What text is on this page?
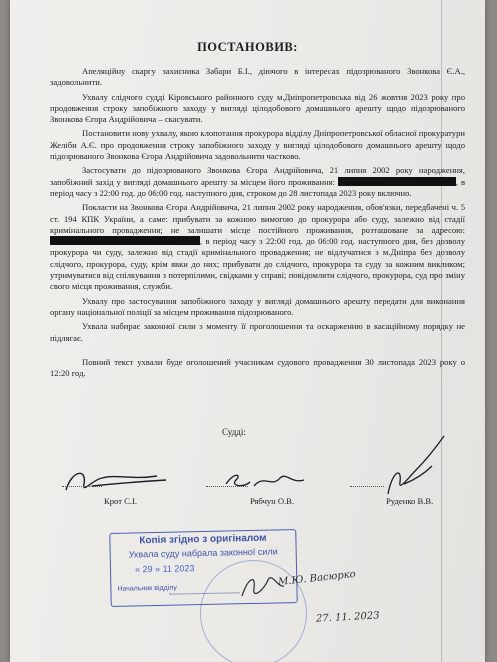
ПОСТАНОВИВ:

Апеляційну скаргу захисника Забари Б.І., діючого в інтересах підозрюваного Звонкова Є.А., задовольнити.

Ухвалу слідчого судді Кіровського районного суду м.Дніпропетровська від 26 жовтня 2023 року про продовження строку запобіжного заходу у вигляді цілодобового домашнього арешту щодо підозрюваного Звонкова Єгора Андрійовича – скасувати.

Постановити нову ухвалу, якою клопотання прокурора відділу Дніпропетровської обласної прокуратури Желіби А.Є. про продовження строку запобіжного заходу у вигляді цілодобового домашнього арешту щодо підозрюваного Звонкова Єгора Андрійовича задовольнити частково.

Застосувати до підозрюваного Звонкова Єгора Андрійовича, 21 липня 2002 року народження, запобіжний захід у вигляді домашнього арешту за місцем його проживання:	, в період часу з 22:00 год. до 06:00 год. наступного дня, строком до 28 листопада 2023 року включно.

Покласти на Звонкова Єгора Андрійовича, 21 липня 2002 року народження, обов'язки, передбачені ч. 5 ст. 194 КПК України, а саме: прибувати за кожною вимогою до прокурора або суду, залежно від стадії кримінального провадження; не залишати місце постійного проживання, розташоване за адресою: , в період часу з 22:00 год. до 06:00 год. наступного дня, без дозволу прокурора чи суду, залежно від стадії кримінального провадження; не відлучатися з м.Дніпра без дозволу слідчого, прокурора, суду, крім явки до них; прибувати до слідчого, прокурора та суду за кожним викликом; утримуватися від спілкування з потерпілими, свідками у справі; повідомляти слідчого, прокурора, суд про зміну свого місця проживання, служби.

Ухвалу про застосування запобіжного заходу у вигляді домашнього арешту передати для виконання органу національної поліції за місцем проживання підозрюваного.

Ухвала набирає законної сили з моменту її проголошення та оскарженню в касаційному порядку не підлягає.

Повний текст ухвали буде оголошений учасникам судового провадження 30 листопада 2023 року о 12:20 год.

Судді:
Крот С.І.	Рябчун О.В.	Руденко В.В.
Копія згідно з оригіналом
Ухвала суду набрала законної сили
« 29 » 11 2023
Начальник відділу
М.Ю. Васюрко
27. 11. 2023
